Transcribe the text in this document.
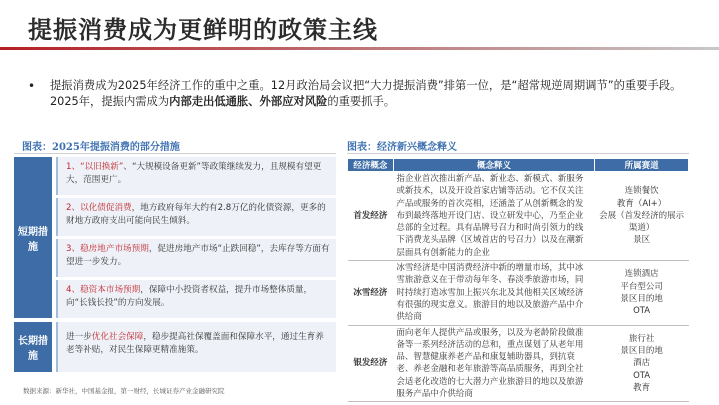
提振消费成为更鲜明的政策主线
• 提振消费成为2025年经济工作的重中之重。12月政治局会议把“大力提振消费”排第一位，是“超常规逆周期调节”的重要手段。2025年，提振内需成为内部走出低通胀、外部应对风险的重要抓手。
图表：2025年提振消费的部分措施	图表：经济新兴概念释义
短期措施
1、“以旧换新”、“大规模设备更新”等政策继续发力，且规模有望更大，范围更广。
2、以化债促消费，地方政府每年大约有2.8万亿的化债资源，更多的财地方政府支出可能向民生倾斜。
3、稳房地产市场预期，促进房地产市场“止跌回稳”，去库存等方面有望进一步发力。
4、稳资本市场预期，保障中小投资者权益，提升市场整体质量，向“长钱长投”的方向发展。
长期措施
进一步优化社会保障，稳步提高社保覆盖面和保障水平，通过生育养老等补贴，对民生保障更精准施策。
经济概念	概念释义	所属赛道
首发经济	指企业首次推出新产品、新业态、新模式、新服务或新技术，以及开设首家店铺等活动。它不仅关注产品或服务的首次亮相，还涵盖了从创新概念的发布到最终落地开设门店、设立研发中心，乃至企业总部的全过程。具有品牌号召力和时尚引领力的线下消费龙头品牌（区域首店的号召力）以及在潮新层面具有创新能力的企业	连锁餐饮
教育（AI+）
会展（首发经济的展示渠道）
景区

冰雪经济	冰雪经济是中国消费经济中新的增量市场，其中冰雪旅游意义在于带动每年冬、春淡季旅游市场，同时持续打造冰雪加上振兴东北及其他相关区域经济有很强的现实意义。旅游目的地以及旅游产品中介供给商	连锁酒店
平台型公司
景区目的地
OTA

银发经济	面向老年人提供产品或服务，以及为老龄阶段做准备等一系列经济活动的总和，重点谋划了从老年用品、智慧健康养老产品和康复辅助器具，到抗衰老、养老金融和老年旅游等高品质服务，再到全社会适老化改造的七大潜力产业旅游目的地以及旅游服务产品中介供给商	旅行社
景区目的地
酒店
OTA
教育
数据来源：新华社，中国基金报，第一财经，长城证券产业金融研究院
